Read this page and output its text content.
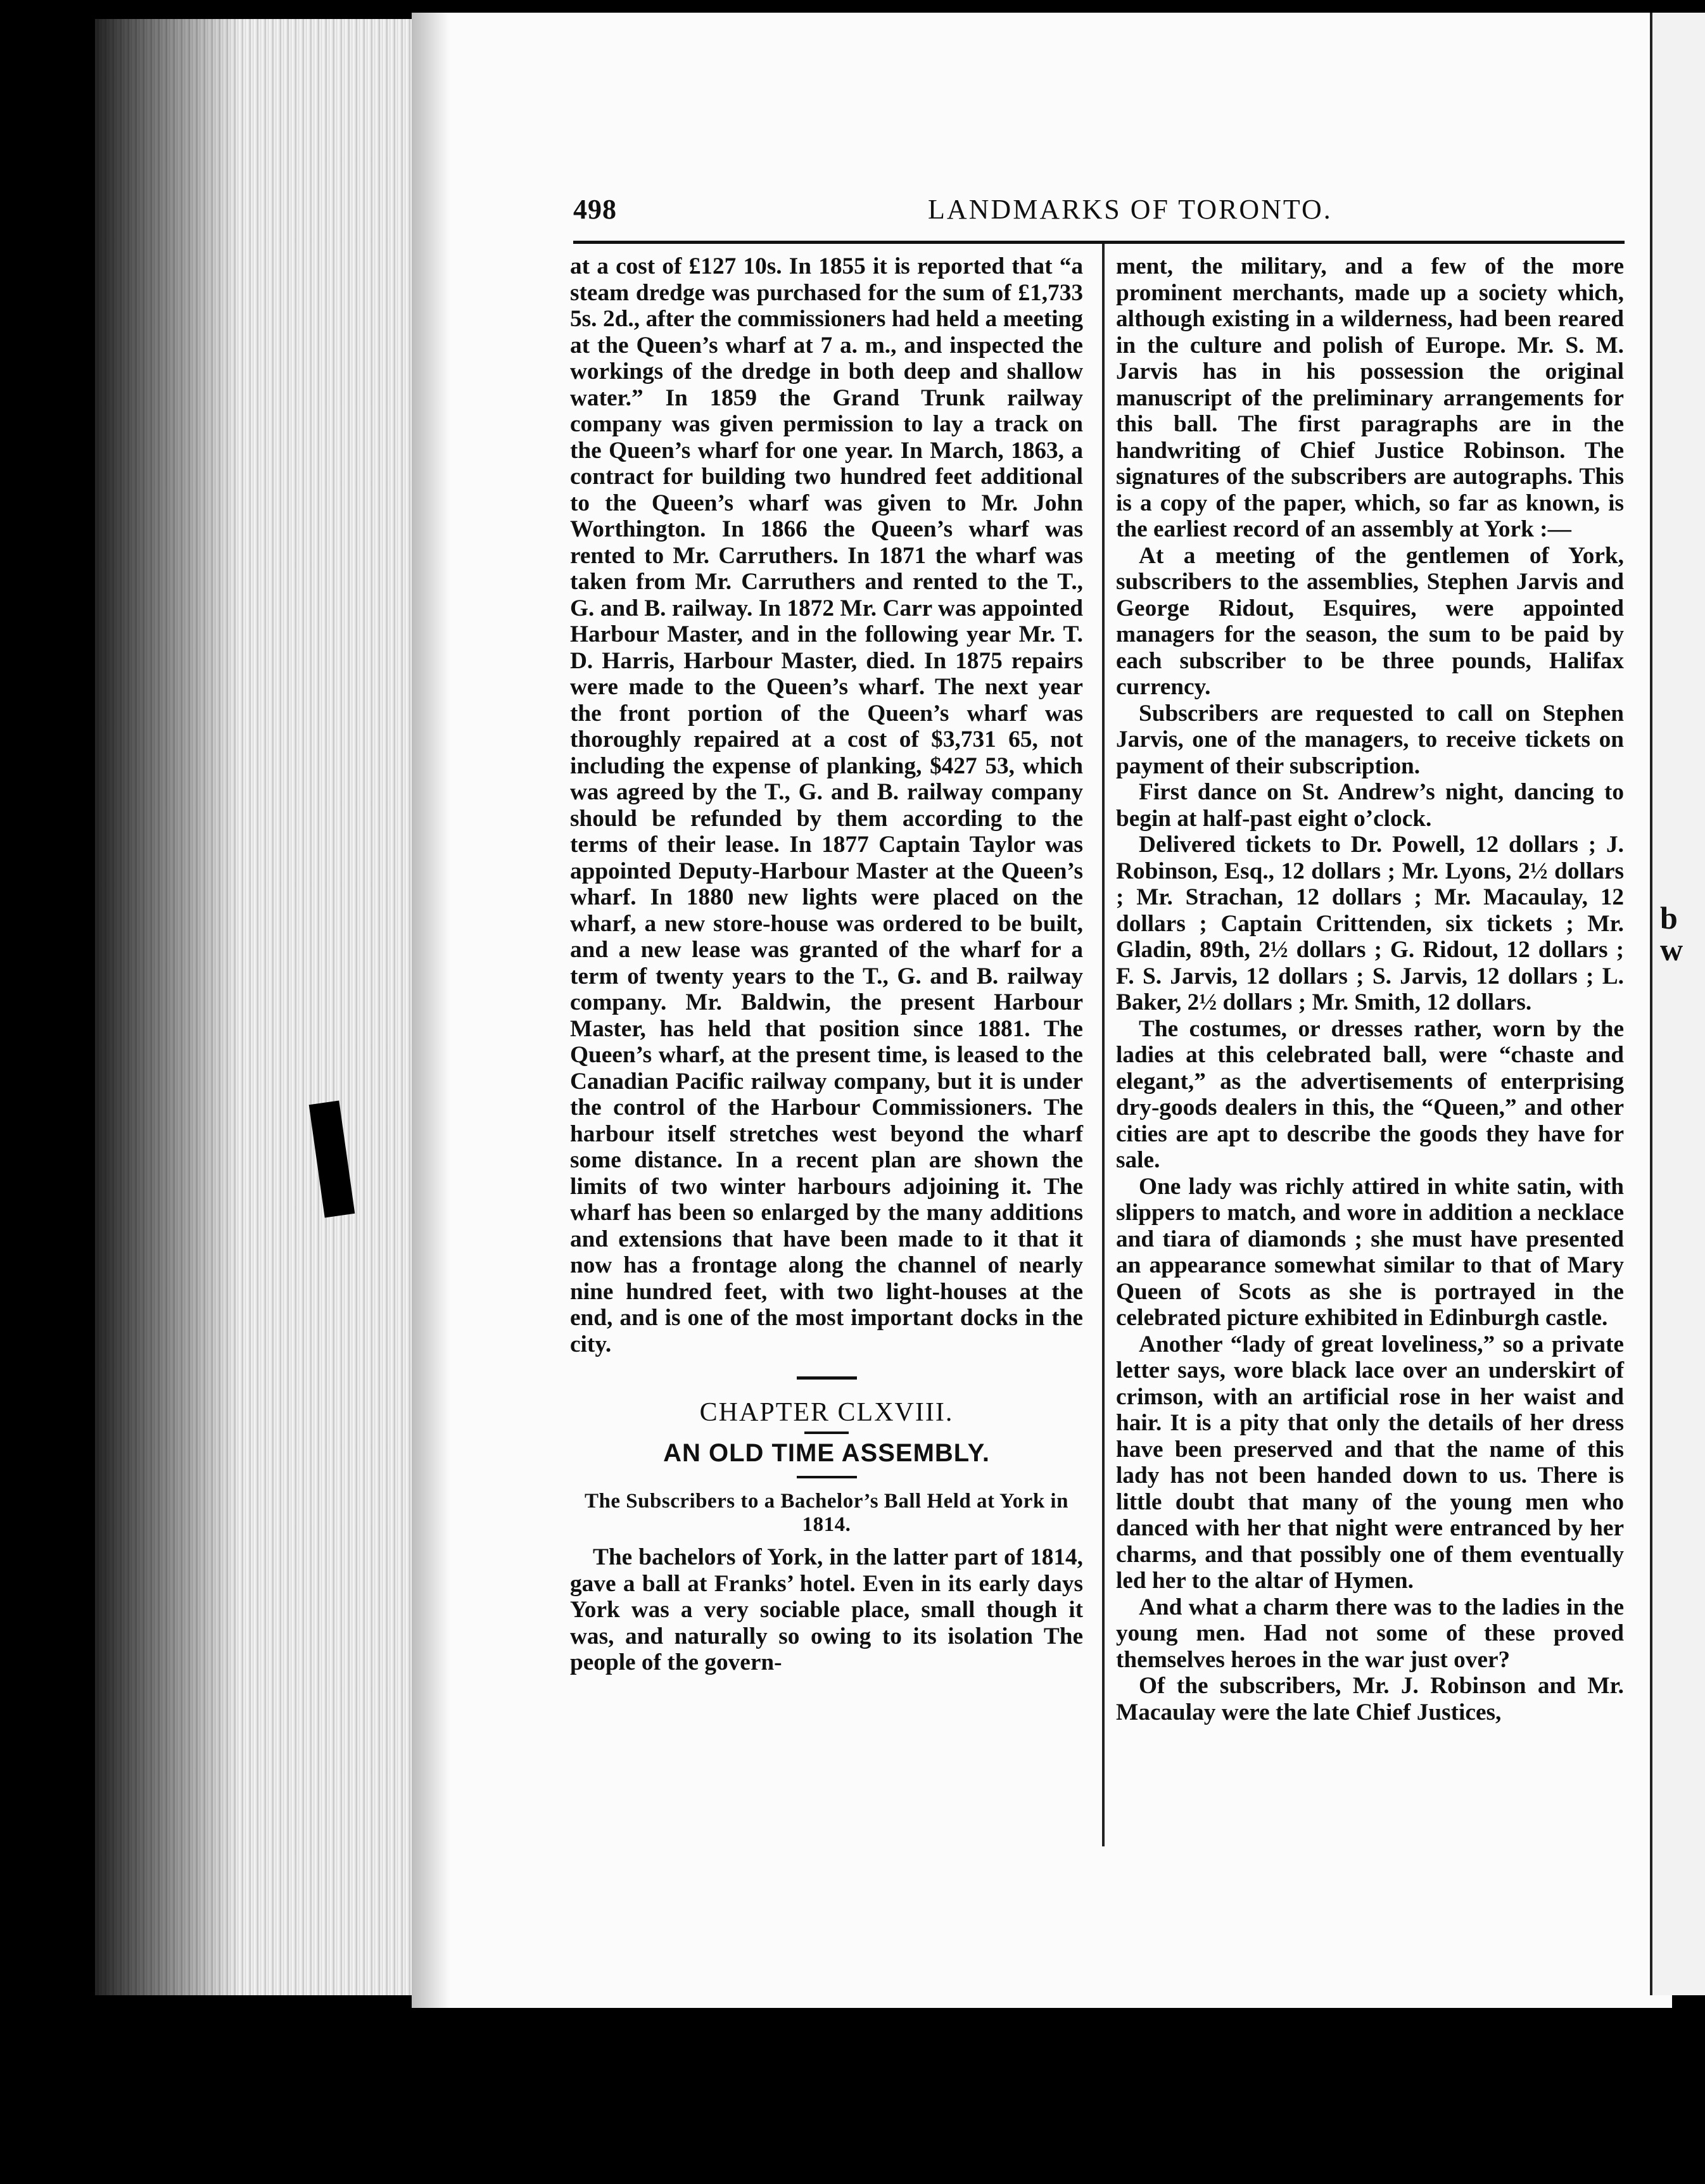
b
w
498	LANDMARKS OF TORONTO.

at a cost of £127 10s. In 1855 it is reported that “a steam dredge was purchased for the sum of £1,733 5s. 2d., after the commissioners had held a meeting at the Queen’s wharf at 7 a. m., and inspected the workings of the dredge in both deep and shallow water.” In 1859 the Grand Trunk railway company was given permission to lay a track on the Queen’s wharf for one year. In March, 1863, a contract for building two hundred feet additional to the Queen’s wharf was given to Mr. John Worthington. In 1866 the Queen’s wharf was rented to Mr. Carruthers. In 1871 the wharf was taken from Mr. Carruthers and rented to the T., G. and B. railway. In 1872 Mr. Carr was appointed Harbour Master, and in the following year Mr. T. D. Harris, Harbour Master, died. In 1875 repairs were made to the Queen’s wharf. The next year the front portion of the Queen’s wharf was thoroughly repaired at a cost of $3,731 65, not including the expense of planking, $427 53, which was agreed by the T., G. and B. railway company should be refunded by them according to the terms of their lease. In 1877 Captain Taylor was appointed Deputy-Harbour Master at the Queen’s wharf. In 1880 new lights were placed on the wharf, a new store-house was ordered to be built, and a new lease was granted of the wharf for a term of twenty years to the T., G. and B. railway company. Mr. Baldwin, the present Harbour Master, has held that position since 1881. The Queen’s wharf, at the present time, is leased to the Canadian Pacific railway company, but it is under the control of the Harbour Commissioners. The harbour itself stretches west beyond the wharf some distance. In a recent plan are shown the limits of two winter harbours adjoining it. The wharf has been so enlarged by the many additions and extensions that have been made to it that it now has a frontage along the channel of nearly nine hundred feet, with two light-houses at the end, and is one of the most important docks in the city.

CHAPTER CLXVIII.

AN OLD TIME ASSEMBLY.

The Subscribers to a Bachelor’s Ball Held at York in 1814.

The bachelors of York, in the latter part of 1814, gave a ball at Franks’ hotel. Even in its early days York was a very sociable place, small though it was, and naturally so owing to its isolation The people of the govern-

ment, the military, and a few of the more prominent merchants, made up a society which, although existing in a wilderness, had been reared in the culture and polish of Europe. Mr. S. M. Jarvis has in his possession the original manuscript of the preliminary arrangements for this ball. The first paragraphs are in the handwriting of Chief Justice Robinson. The signatures of the subscribers are autographs. This is a copy of the paper, which, so far as known, is the earliest record of an assembly at York :—

At a meeting of the gentlemen of York, subscribers to the assemblies, Stephen Jarvis and George Ridout, Esquires, were appointed managers for the season, the sum to be paid by each subscriber to be three pounds, Halifax currency.

Subscribers are requested to call on Stephen Jarvis, one of the managers, to receive tickets on payment of their subscription.

First dance on St. Andrew’s night, dancing to begin at half-past eight o’clock.

Delivered tickets to Dr. Powell, 12 dollars ; J. Robinson, Esq., 12 dollars ; Mr. Lyons, 2½ dollars ; Mr. Strachan, 12 dollars ; Mr. Macaulay, 12 dollars ; Captain Crittenden, six tickets ; Mr. Gladin, 89th, 2½ dollars ; G. Ridout, 12 dollars ; F. S. Jarvis, 12 dollars ; S. Jarvis, 12 dollars ; L. Baker, 2½ dollars ; Mr. Smith, 12 dollars.

The costumes, or dresses rather, worn by the ladies at this celebrated ball, were “chaste and elegant,” as the advertisements of enterprising dry-goods dealers in this, the “Queen,” and other cities are apt to describe the goods they have for sale.

One lady was richly attired in white satin, with slippers to match, and wore in addition a necklace and tiara of diamonds ; she must have presented an appearance somewhat similar to that of Mary Queen of Scots as she is portrayed in the celebrated picture exhibited in Edinburgh castle.

Another “lady of great loveliness,” so a private letter says, wore black lace over an underskirt of crimson, with an artificial rose in her waist and hair. It is a pity that only the details of her dress have been preserved and that the name of this lady has not been handed down to us. There is little doubt that many of the young men who danced with her that night were entranced by her charms, and that possibly one of them eventually led her to the altar of Hymen.

And what a charm there was to the ladies in the young men. Had not some of these proved themselves heroes in the war just over?

Of the subscribers, Mr. J. Robinson and Mr. Macaulay were the late Chief Justices,
